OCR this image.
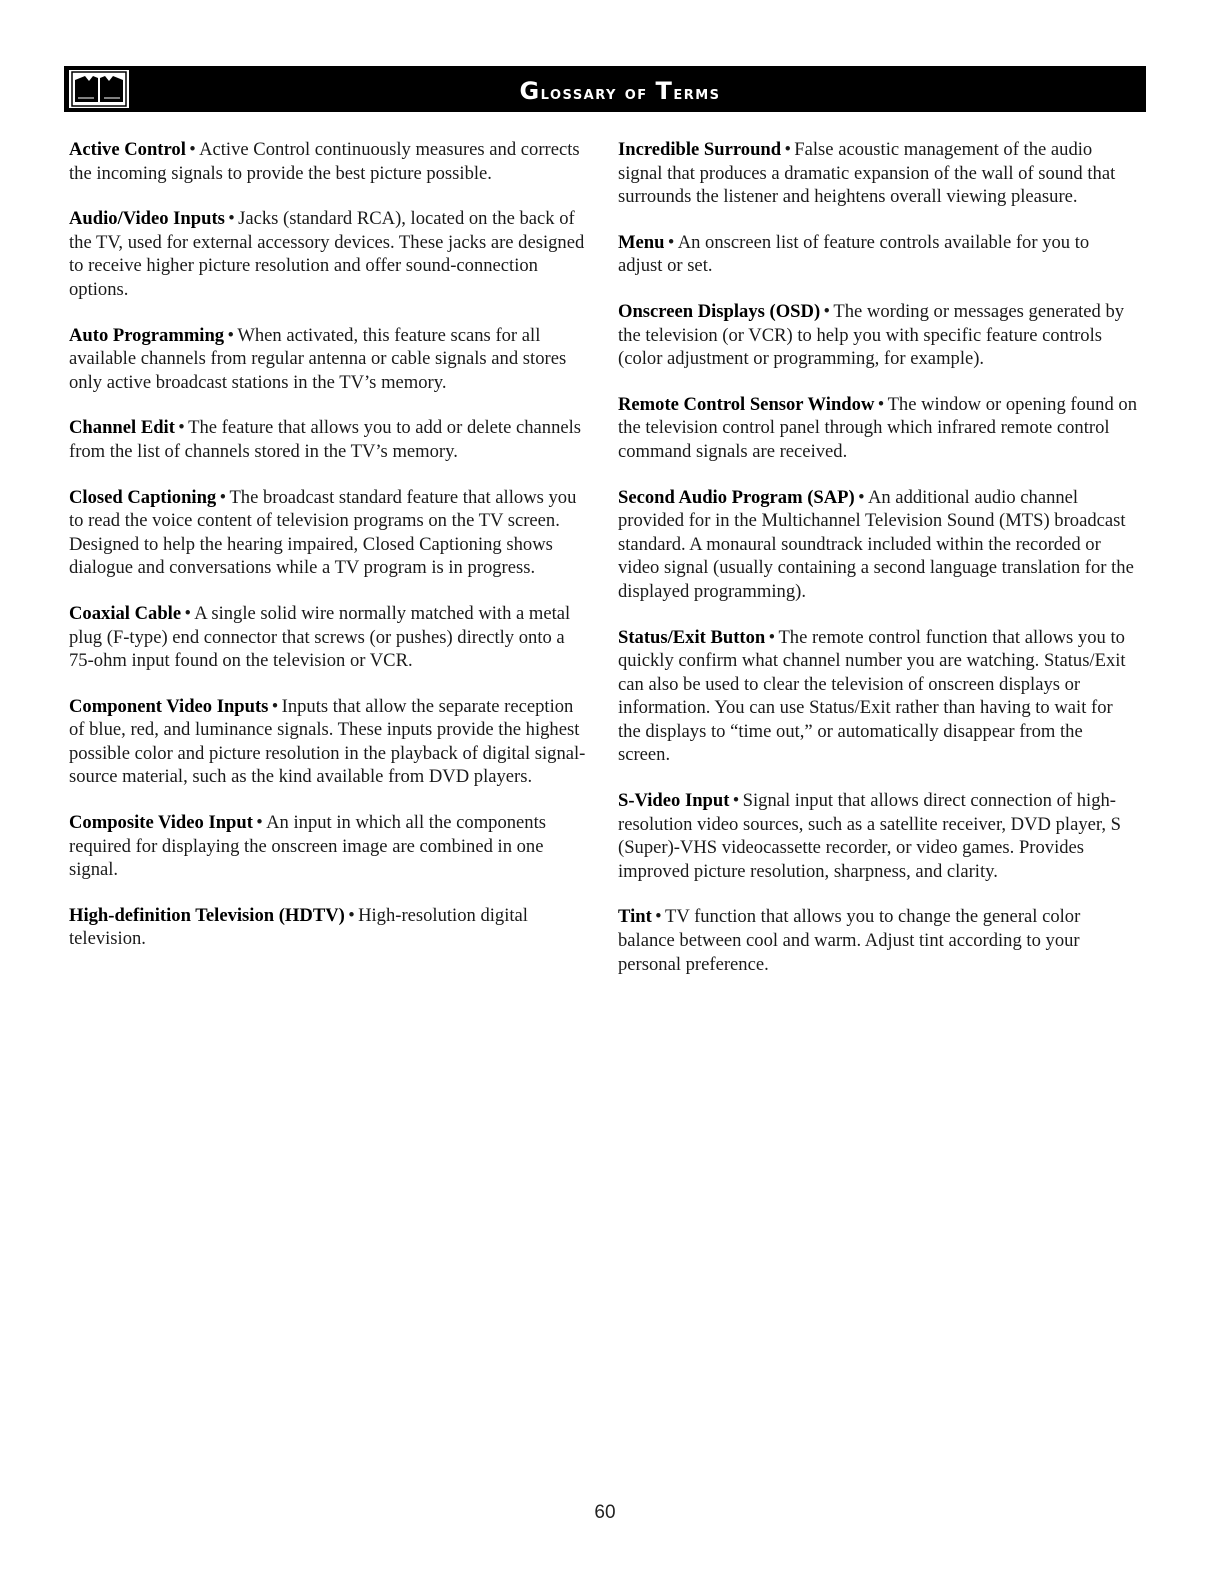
Glossary of Terms

Active Control • Active Control continuously measures and corrects the incoming signals to provide the best picture possible.

Audio/Video Inputs • Jacks (standard RCA), located on the back of the TV, used for external accessory devices. These jacks are designed to receive higher picture resolution and offer sound-connection options.

Auto Programming • When activated, this feature scans for all available channels from regular antenna or cable signals and stores only active broadcast stations in the TV’s memory.

Channel Edit • The feature that allows you to add or delete channels from the list of channels stored in the TV’s memory.

Closed Captioning • The broadcast standard feature that allows you to read the voice content of television programs on the TV screen. Designed to help the hearing impaired, Closed Captioning shows dialogue and conversations while a TV program is in progress.

Coaxial Cable • A single solid wire normally matched with a metal plug (F-type) end connector that screws (or pushes) directly onto a 75-ohm input found on the television or VCR.

Component Video Inputs • Inputs that allow the separate reception of blue, red, and luminance signals. These inputs provide the highest possible color and picture resolution in the playback of digital signal-source material, such as the kind available from DVD players.

Composite Video Input • An input in which all the components required for displaying the onscreen image are combined in one signal.

High-definition Television (HDTV) • High-resolution digital television.

Incredible Surround • False acoustic management of the audio signal that produces a dramatic expansion of the wall of sound that surrounds the listener and heightens overall viewing pleasure.

Menu • An onscreen list of feature controls available for you to adjust or set.

Onscreen Displays (OSD) • The wording or messages generated by the television (or VCR) to help you with specific feature controls (color adjustment or programming, for example).

Remote Control Sensor Window • The window or opening found on the television control panel through which infrared remote control command signals are received.

Second Audio Program (SAP) • An additional audio channel provided for in the Multichannel Television Sound (MTS) broadcast standard. A monaural soundtrack included within the recorded or video signal (usually containing a second language translation for the displayed programming).

Status/Exit Button • The remote control function that allows you to quickly confirm what channel number you are watching. Status/Exit can also be used to clear the television of onscreen displays or information. You can use Status/Exit rather than having to wait for the displays to “time out,” or automatically disappear from the screen.

S-Video Input • Signal input that allows direct connection of high-resolution video sources, such as a satellite receiver, DVD player, S (Super)-VHS videocassette recorder, or video games. Provides improved picture resolution, sharpness, and clarity.

Tint • TV function that allows you to change the general color balance between cool and warm. Adjust tint according to your personal preference.

60
